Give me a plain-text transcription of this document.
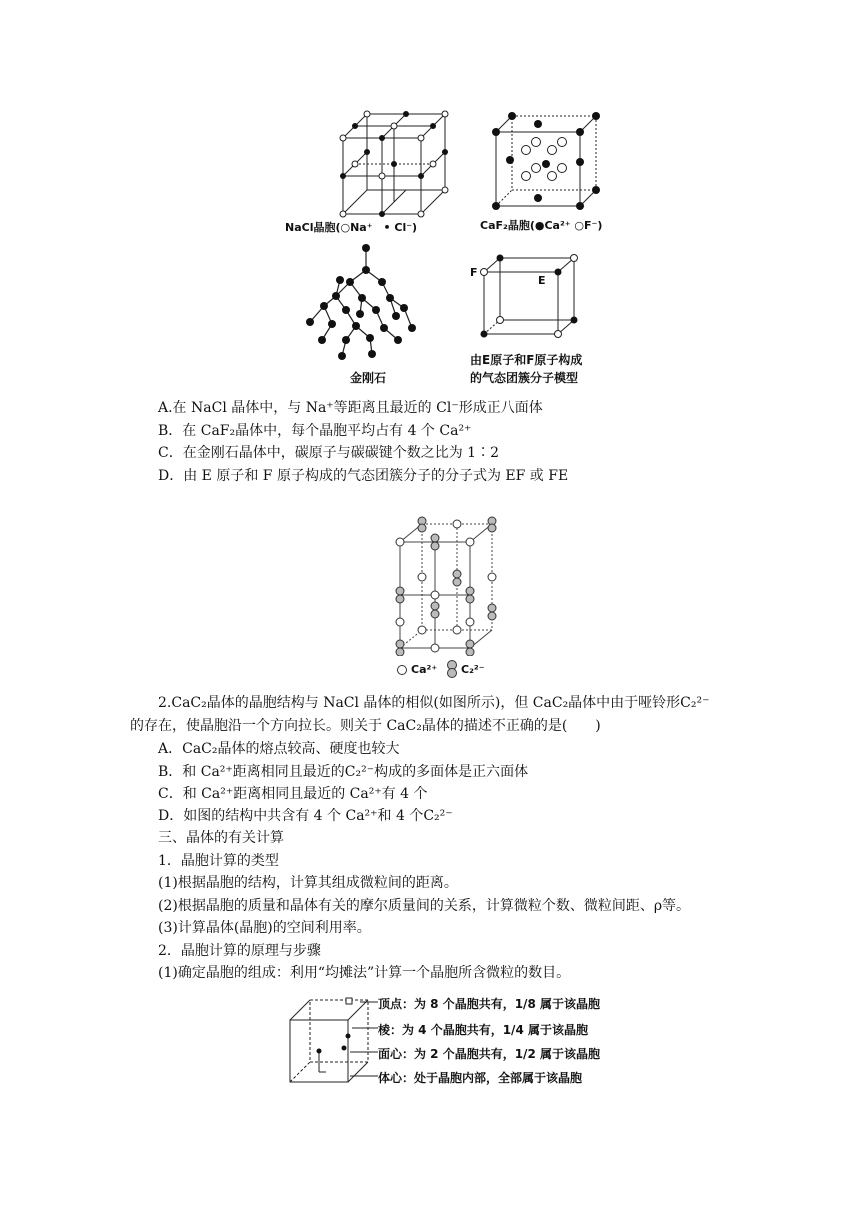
NaCl晶胞(○Na⁺　• Cl⁻)	CaF₂晶胞(●Ca²⁺ ○F⁻)
金刚石
F
E
由E原子和F原子构成
的气态团簇分子模型
A.在 NaCl 晶体中，与 Na⁺等距离且最近的 Cl⁻形成正八面体
B．在 CaF₂晶体中，每个晶胞平均占有 4 个 Ca²⁺
C．在金刚石晶体中，碳原子与碳碳键个数之比为 1∶2
D．由 E 原子和 F 原子构成的气态团簇分子的分子式为 EF 或 FE
Ca²⁺ C₂²⁻
2.CaC₂晶体的晶胞结构与 NaCl 晶体的相似(如图所示)，但 CaC₂晶体中由于哑铃形C₂²⁻
的存在，使晶胞沿一个方向拉长。则关于 CaC₂晶体的描述不正确的是(　　)
A．CaC₂晶体的熔点较高、硬度也较大
B．和 Ca²⁺距离相同且最近的C₂²⁻构成的多面体是正六面体
C．和 Ca²⁺距离相同且最近的 Ca²⁺有 4 个
D．如图的结构中共含有 4 个 Ca²⁺和 4 个C₂²⁻
三、晶体的有关计算
1．晶胞计算的类型
(1)根据晶胞的结构，计算其组成微粒间的距离。
(2)根据晶胞的质量和晶体有关的摩尔质量间的关系，计算微粒个数、微粒间距、ρ等。
(3)计算晶体(晶胞)的空间利用率。
2．晶胞计算的原理与步骤
(1)确定晶胞的组成：利用“均摊法”计算一个晶胞所含微粒的数目。
顶点：为 8 个晶胞共有，1/8 属于该晶胞
棱：为 4 个晶胞共有，1/4 属于该晶胞
面心：为 2 个晶胞共有，1/2 属于该晶胞
体心：处于晶胞内部，全部属于该晶胞
